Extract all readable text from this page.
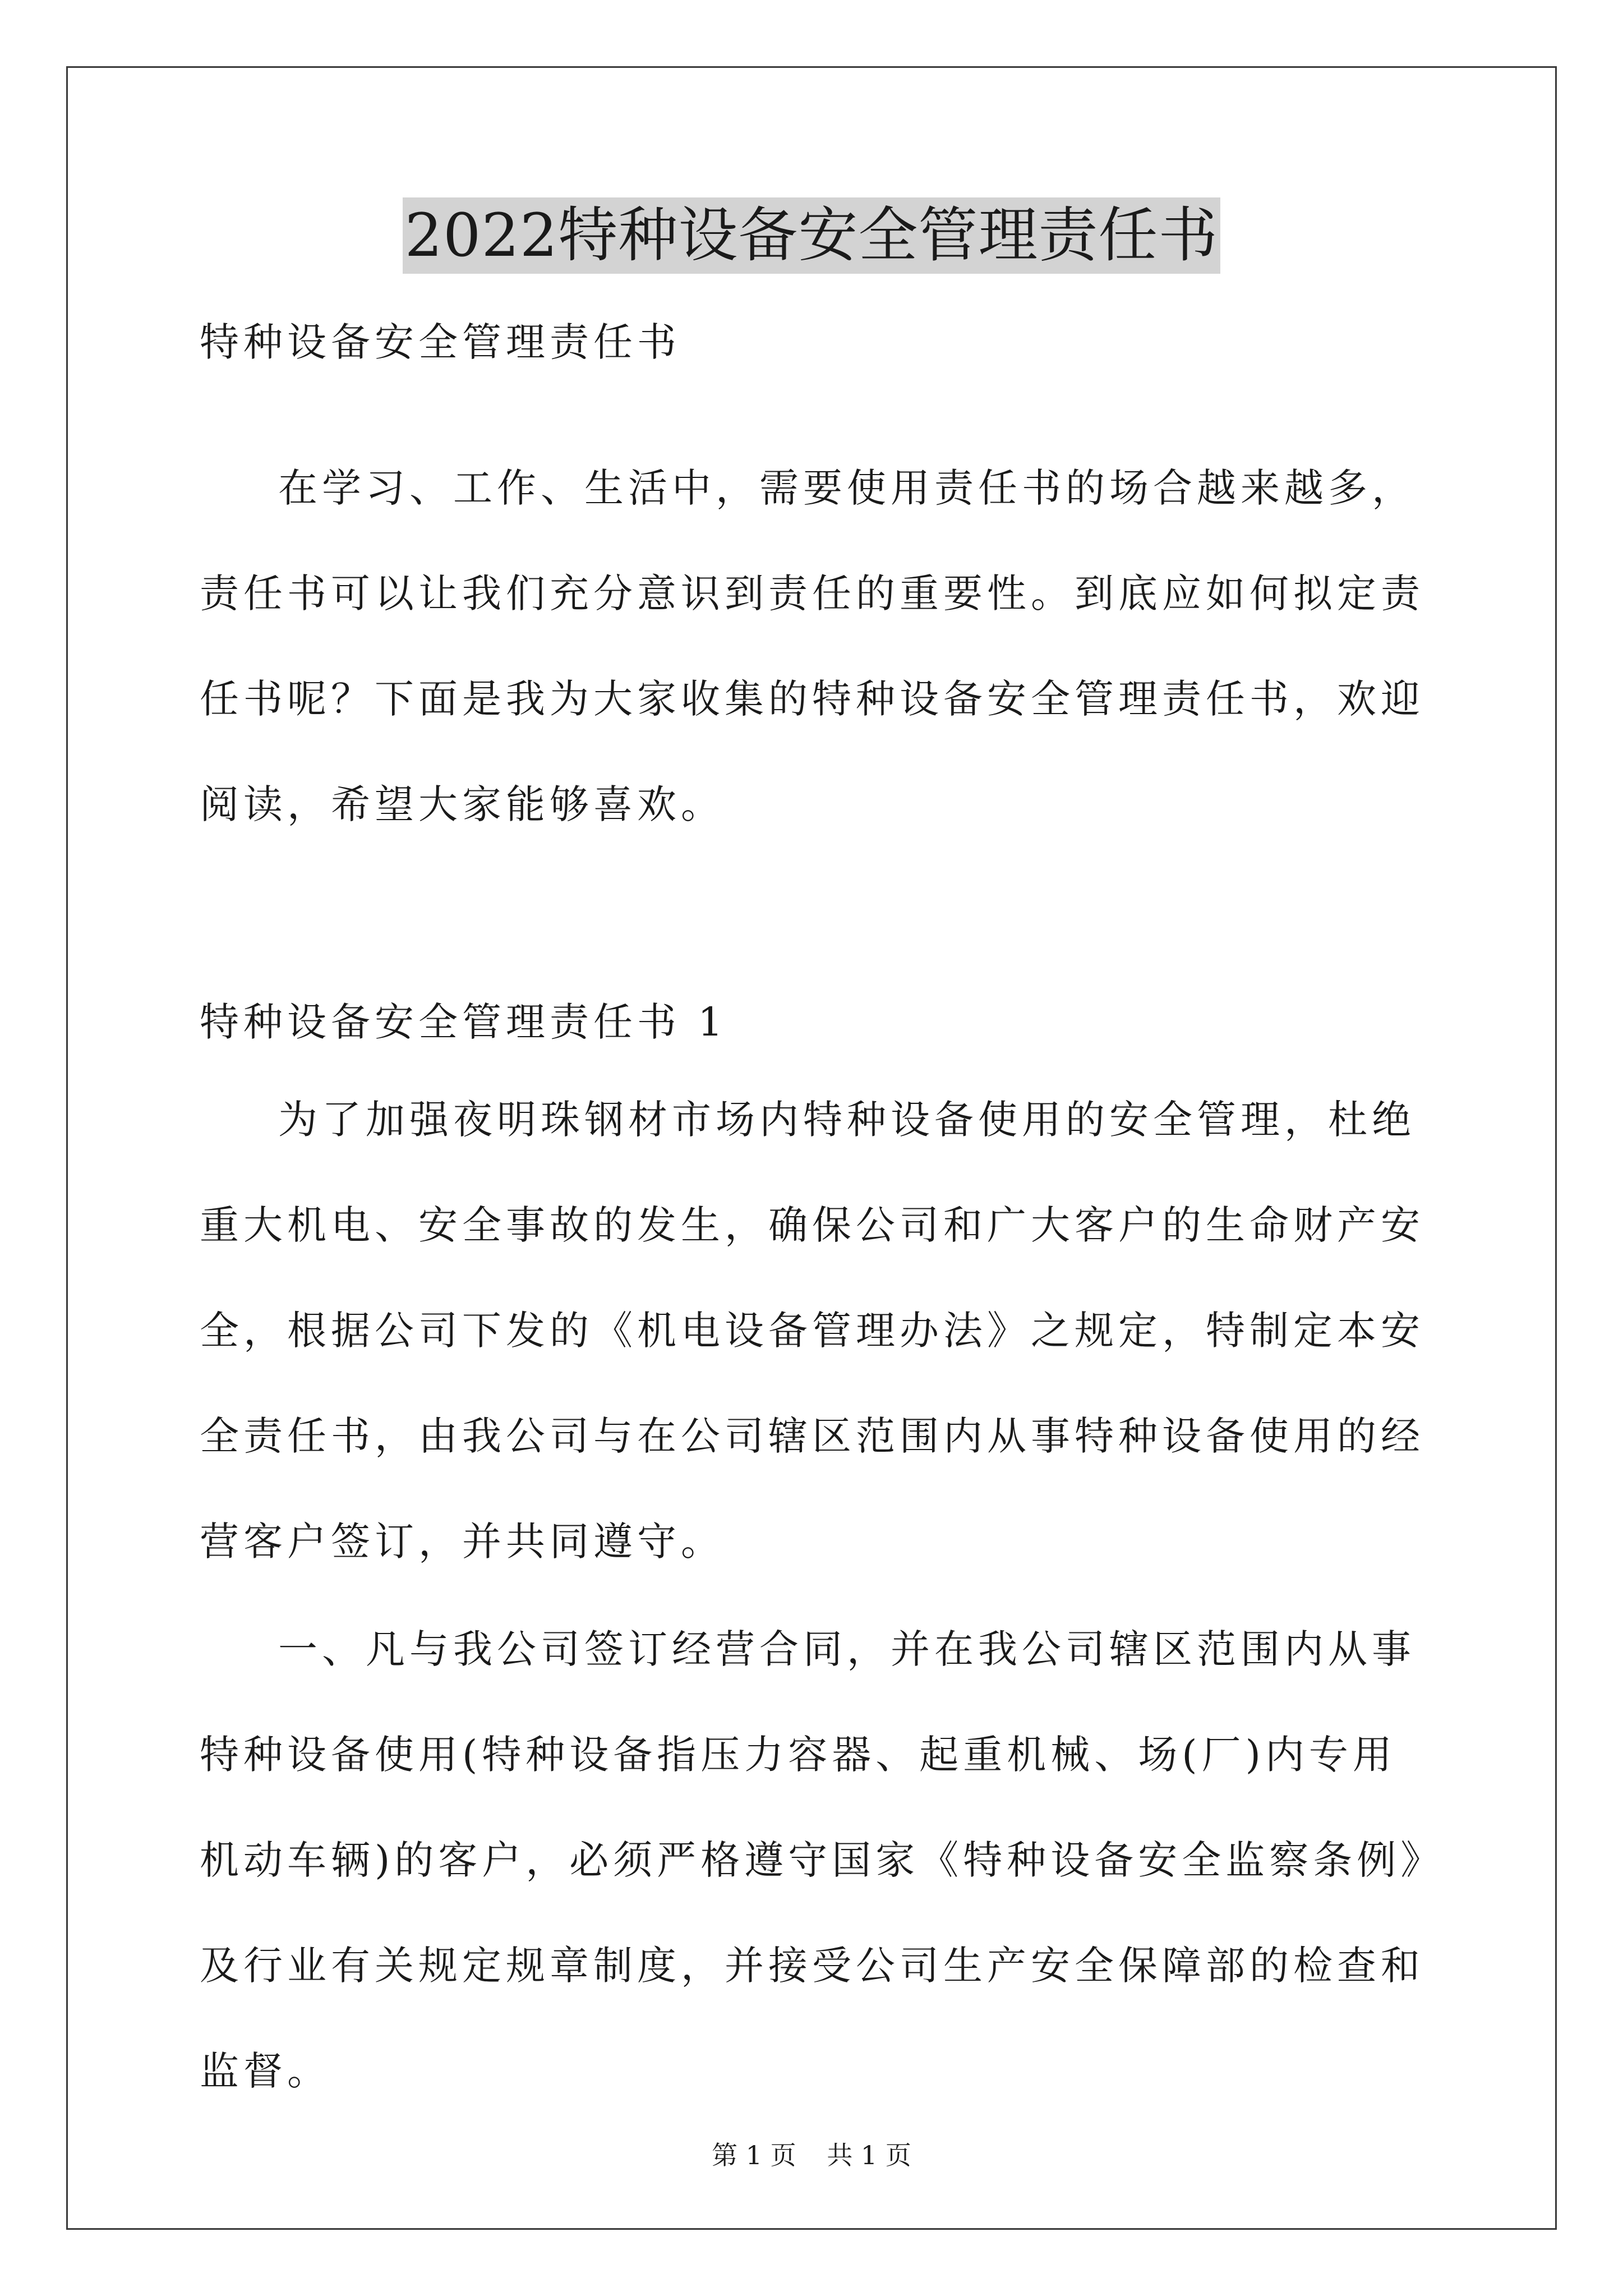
2022特种设备安全管理责任书

特种设备安全管理责任书

在学习、工作、生活中，需要使用责任书的场合越来越多，责任书可以让我们充分意识到责任的重要性。到底应如何拟定责任书呢？下面是我为大家收集的特种设备安全管理责任书，欢迎阅读，希望大家能够喜欢。

特种设备安全管理责任书 1

为了加强夜明珠钢材市场内特种设备使用的安全管理，杜绝重大机电、安全事故的发生，确保公司和广大客户的生命财产安全，根据公司下发的《机电设备管理办法》之规定，特制定本安全责任书，由我公司与在公司辖区范围内从事特种设备使用的经营客户签订，并共同遵守。

一、凡与我公司签订经营合同，并在我公司辖区范围内从事特种设备使用(特种设备指压力容器、起重机械、场(厂)内专用机动车辆)的客户，必须严格遵守国家《特种设备安全监察条例》及行业有关规定规章制度，并接受公司生产安全保障部的检查和监督。

第 1 页 共 1 页
